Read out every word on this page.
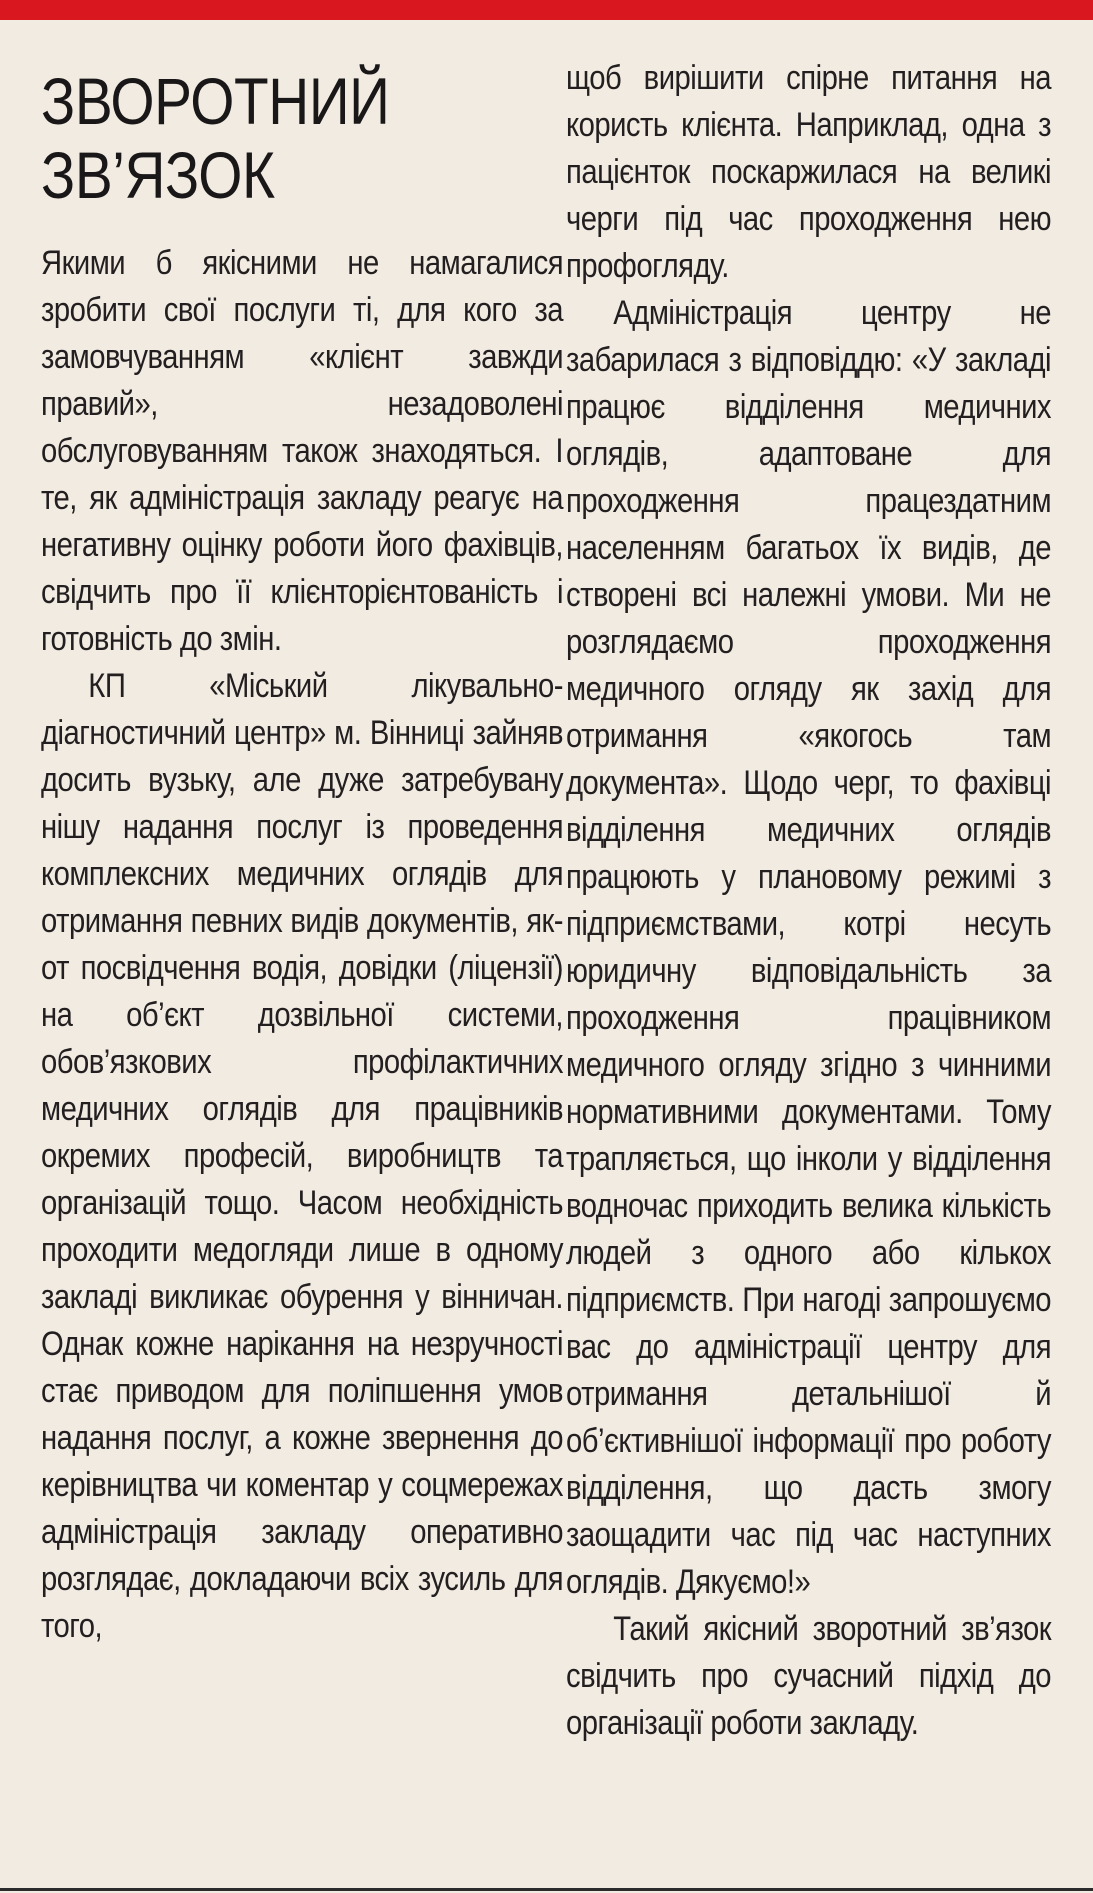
ЗВОРОТНИЙ ЗВ’ЯЗОК

Якими б якісними не намагалися зробити свої послуги ті, для кого за замовчуванням «клієнт завжди правий», незадоволені обслуговуванням також знаходяться. І те, як адміністрація закладу реагує на негативну оцінку роботи його фахівців, свідчить про її клієнторієнтованість і готовність до змін.

КП «Міський лікувально-діагностичний центр» м. Вінниці зайняв досить вузьку, але дуже затребувану нішу надання послуг із проведення комплексних медичних оглядів для отримання певних видів документів, як-от посвідчення водія, довідки (ліцензії) на об’єкт дозвільної системи, обов’язкових профілактичних медичних оглядів для працівників окремих професій, виробництв та організацій тощо. Часом необхідність проходити медогляди лише в одному закладі викликає обурення у вінничан. Однак кожне нарікання на незручності стає приводом для поліпшення умов надання послуг, а кожне звернення до керівництва чи коментар у соцмережах адміністрація закладу оперативно розглядає, докладаючи всіх зусиль для того,

щоб вирішити спірне питання на користь клієнта. Наприклад, одна з пацієнток поскаржилася на великі черги під час проходження нею профогляду.

Адміністрація центру не забарилася з відповіддю: «У закладі працює відділення медичних оглядів, адаптоване для проходження працездатним населенням багатьох їх видів, де створені всі належні умови. Ми не розглядаємо проходження медичного огляду як захід для отримання «якогось там документа». Щодо черг, то фахівці відділення медичних оглядів працюють у плановому режимі з підприємствами, котрі несуть юридичну відповідальність за проходження працівником медичного огляду згідно з чинними нормативними документами. Тому трапляється, що інколи у відділення водночас приходить велика кількість людей з одного або кількох підприємств. При нагоді запрошуємо вас до адміністрації центру для отримання детальнішої й об’єктивнішої інформації про роботу відділення, що дасть змогу заощадити час під час наступних оглядів. Дякуємо!»

Такий якісний зворотний зв’язок свідчить про сучасний підхід до організації роботи закладу.
